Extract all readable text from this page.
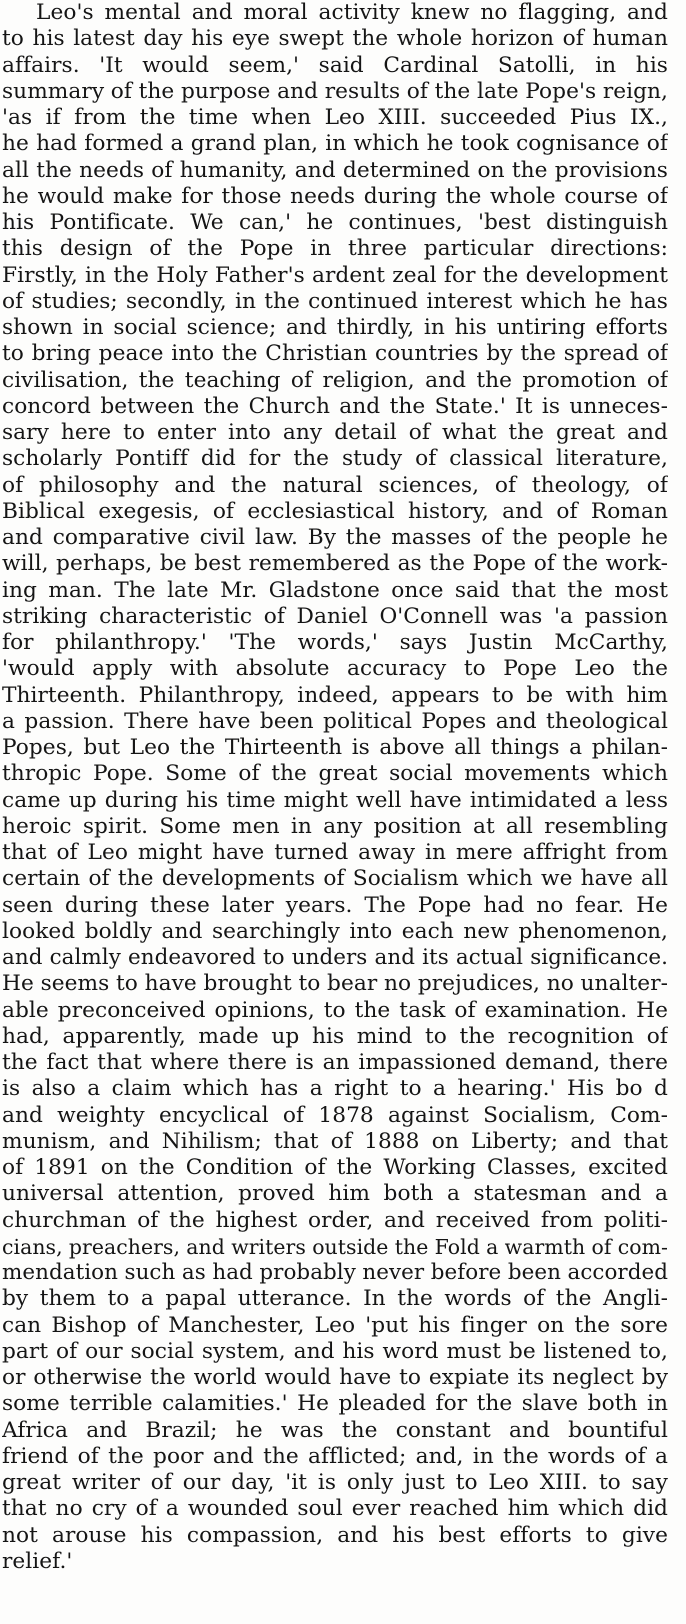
Leo's mental and moral activity knew no flagging, and
to his latest day his eye swept the whole horizon of human
affairs. 'It would seem,' said Cardinal Satolli, in his
summary of the purpose and results of the late Pope's reign,
'as if from the time when Leo XIII. succeeded Pius IX.,
he had formed a grand plan, in which he took cognisance of
all the needs of humanity, and determined on the provisions
he would make for those needs during the whole course of
his Pontificate. We can,' he continues, 'best distinguish
this design of the Pope in three particular directions:
Firstly, in the Holy Father's ardent zeal for the development
of studies; secondly, in the continued interest which he has
shown in social science; and thirdly, in his untiring efforts
to bring peace into the Christian countries by the spread of
civilisation, the teaching of religion, and the promotion of
concord between the Church and the State.' It is unneces-
sary here to enter into any detail of what the great and
scholarly Pontiff did for the study of classical literature,
of philosophy and the natural sciences, of theology, of
Biblical exegesis, of ecclesiastical history, and of Roman
and comparative civil law. By the masses of the people he
will, perhaps, be best remembered as the Pope of the work-
ing man. The late Mr. Gladstone once said that the most
striking characteristic of Daniel O'Connell was 'a passion
for philanthropy.' 'The words,' says Justin McCarthy,
'would apply with absolute accuracy to Pope Leo the
Thirteenth. Philanthropy, indeed, appears to be with him
a passion. There have been political Popes and theological
Popes, but Leo the Thirteenth is above all things a philan-
thropic Pope. Some of the great social movements which
came up during his time might well have intimidated a less
heroic spirit. Some men in any position at all resembling
that of Leo might have turned away in mere affright from
certain of the developments of Socialism which we have all
seen during these later years. The Pope had no fear. He
looked boldly and searchingly into each new phenomenon,
and calmly endeavored to unders and its actual significance.
He seems to have brought to bear no prejudices, no unalter-
able preconceived opinions, to the task of examination. He
had, apparently, made up his mind to the recognition of
the fact that where there is an impassioned demand, there
is also a claim which has a right to a hearing.' His bo d
and weighty encyclical of 1878 against Socialism, Com-
munism, and Nihilism; that of 1888 on Liberty; and that
of 1891 on the Condition of the Working Classes, excited
universal attention, proved him both a statesman and a
churchman of the highest order, and received from politi-
cians, preachers, and writers outside the Fold a warmth of com-
mendation such as had probably never before been accorded
by them to a papal utterance. In the words of the Angli-
can Bishop of Manchester, Leo 'put his finger on the sore
part of our social system, and his word must be listened to,
or otherwise the world would have to expiate its neglect by
some terrible calamities.' He pleaded for the slave both in
Africa and Brazil; he was the constant and bountiful
friend of the poor and the afflicted; and, in the words of a
great writer of our day, 'it is only just to Leo XIII. to say
that no cry of a wounded soul ever reached him which did
not arouse his compassion, and his best efforts to give
relief.'
